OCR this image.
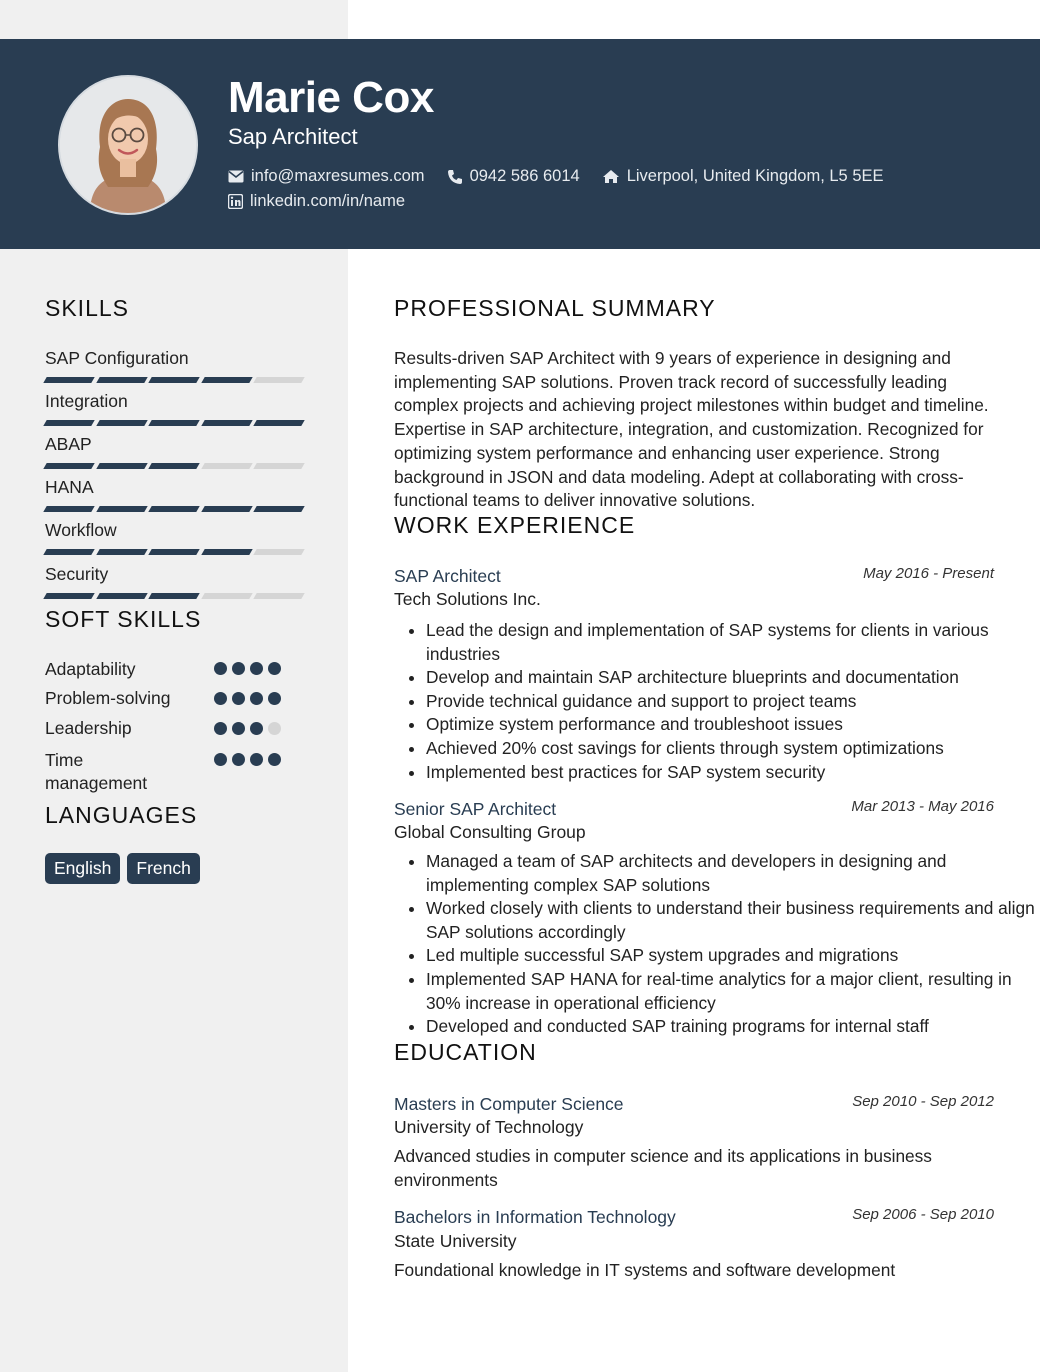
Marie Cox
Sap Architect
info@maxresumes.com	0942 586 6014	Liverpool, United Kingdom, L5 5EE
linkedin.com/in/name
SKILLS
SAP Configuration
Integration
ABAP
HANA
Workflow
Security
SOFT SKILLS
Adaptability
Problem-solving
Leadership
Time management
LANGUAGES
English	French
PROFESSIONAL SUMMARY

Results-driven SAP Architect with 9 years of experience in designing and implementing SAP solutions. Proven track record of successfully leading complex projects and achieving project milestones within budget and timeline. Expertise in SAP architecture, integration, and customization. Recognized for optimizing system performance and enhancing user experience. Strong background in JSON and data modeling. Adept at collaborating with cross-functional teams to deliver innovative solutions.

WORK EXPERIENCE
SAP Architect	May 2016 - Present
Tech Solutions Inc.
• Lead the design and implementation of SAP systems for clients in various industries
• Develop and maintain SAP architecture blueprints and documentation
• Provide technical guidance and support to project teams
• Optimize system performance and troubleshoot issues
• Achieved 20% cost savings for clients through system optimizations
• Implemented best practices for SAP system security
Senior SAP Architect	Mar 2013 - May 2016
Global Consulting Group
• Managed a team of SAP architects and developers in designing and implementing complex SAP solutions
• Worked closely with clients to understand their business requirements and align SAP solutions accordingly
• Led multiple successful SAP system upgrades and migrations
• Implemented SAP HANA for real-time analytics for a major client, resulting in 30% increase in operational efficiency
• Developed and conducted SAP training programs for internal staff
EDUCATION
Masters in Computer Science	Sep 2010 - Sep 2012
University of Technology

Advanced studies in computer science and its applications in business environments

Bachelors in Information Technology	Sep 2006 - Sep 2010
State University

Foundational knowledge in IT systems and software development
